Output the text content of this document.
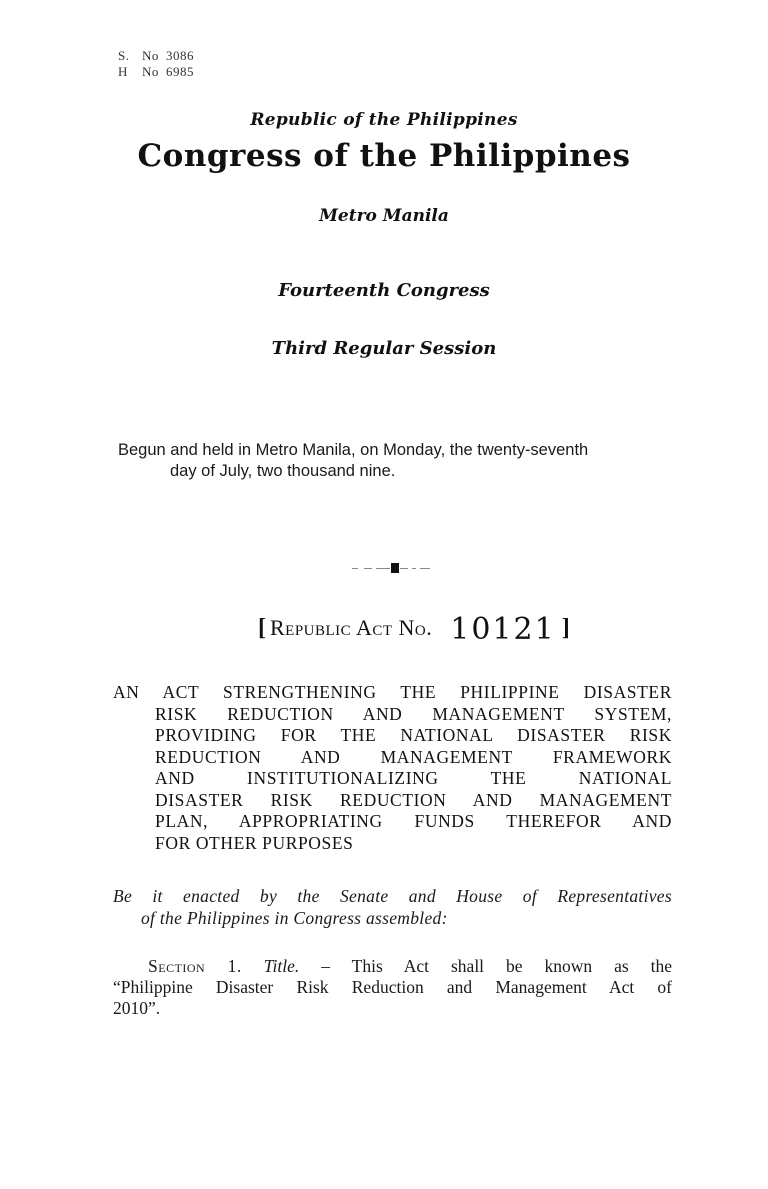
S. No 3086
H No 6985
Republic of the Philippines
Congress of the Philippines
Metro Manila
Fourteenth Congress
Third Regular Session
Begun and held in Metro Manila, on Monday, the twenty-seventh
day of July, two thousand nine.
[ Republic Act No. 10121 ]
AN ACT STRENGTHENING THE PHILIPPINE DISASTER
RISK REDUCTION AND MANAGEMENT SYSTEM,
PROVIDING FOR THE NATIONAL DISASTER RISK
REDUCTION AND MANAGEMENT FRAMEWORK
AND INSTITUTIONALIZING THE NATIONAL
DISASTER RISK REDUCTION AND MANAGEMENT
PLAN, APPROPRIATING FUNDS THEREFOR AND
FOR OTHER PURPOSES
Be it enacted by the Senate and House of Representatives
of the Philippines in Congress assembled:
Section 1. Title. – This Act shall be known as the
“Philippine Disaster Risk Reduction and Management Act of
2010”.
